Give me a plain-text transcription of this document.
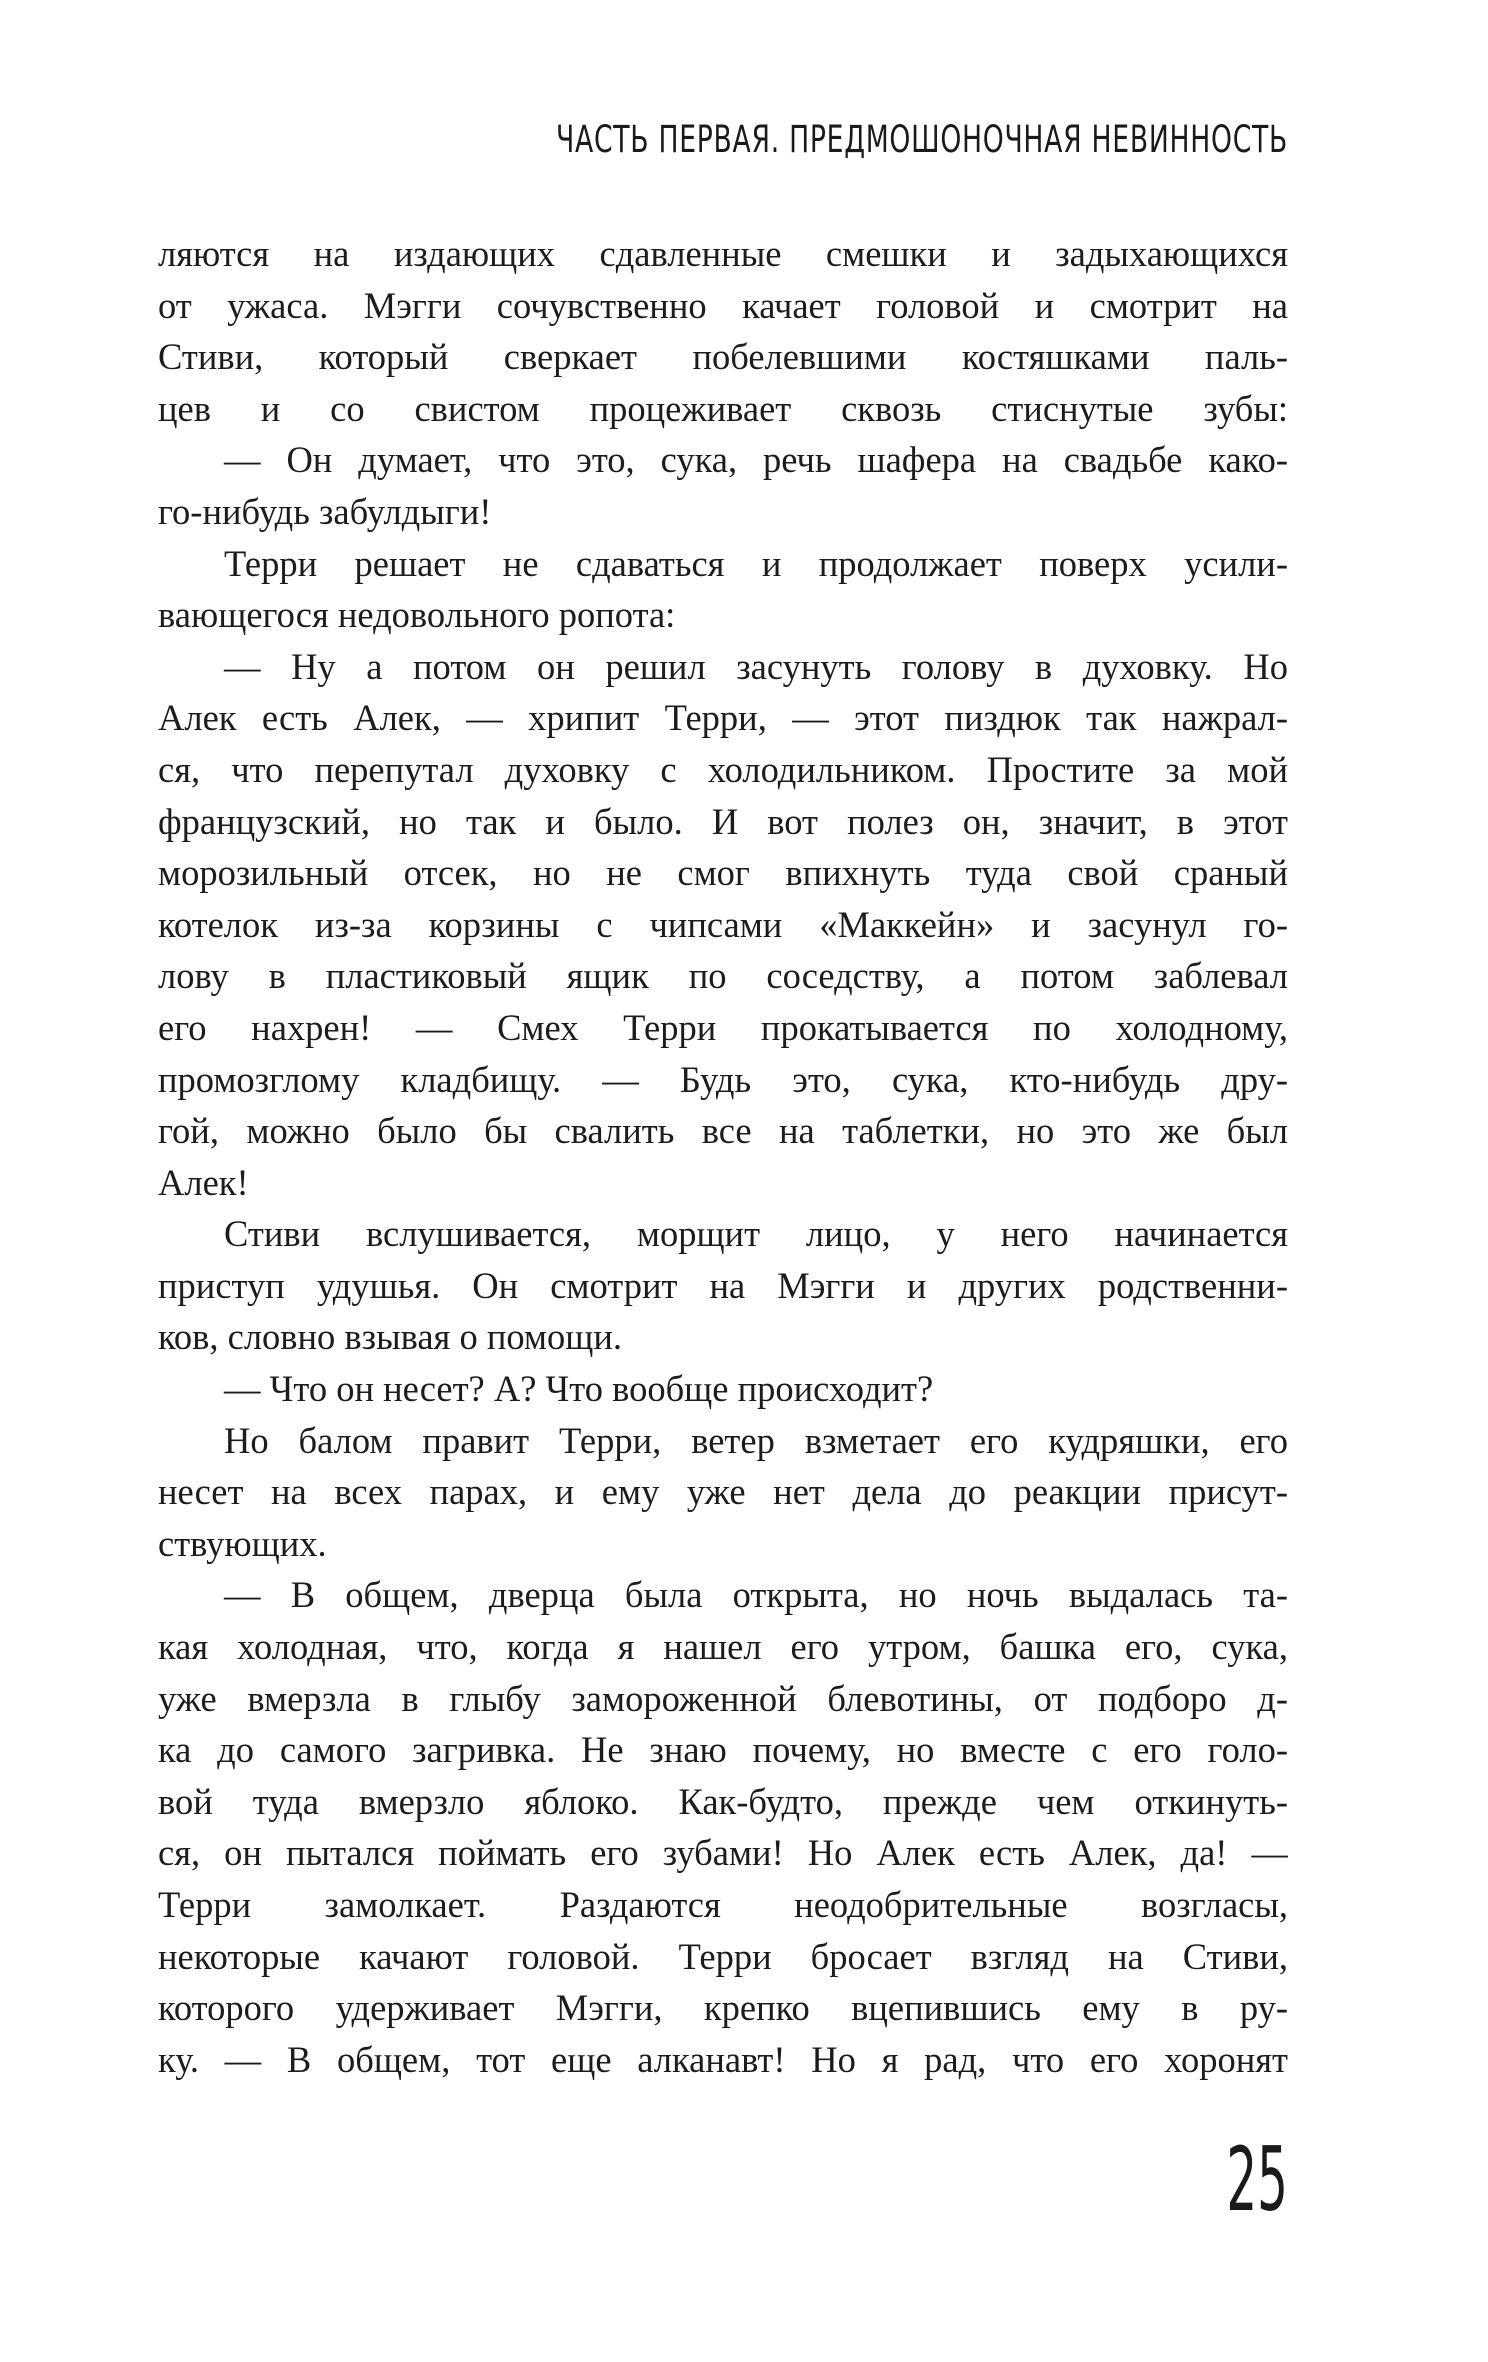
ЧАСТЬ ПЕРВАЯ. ПРЕДМОШОНОЧНАЯ НЕВИННОСТЬ
ляются на издающих сдавленные смешки и задыхающихся
от ужаса. Мэгги сочувственно качает головой и смотрит на
Стиви, который сверкает побелевшими костяшками паль-
цев и со свистом процеживает сквозь стиснутые зубы:
— Он думает, что это, сука, речь шафера на свадьбе како-
го-нибудь забулдыги!
Терри решает не сдаваться и продолжает поверх усили-
вающегося недовольного ропота:
— Ну а потом он решил засунуть голову в духовку. Но
Алек есть Алек, — хрипит Терри, — этот пиздюк так нажрал-
ся, что перепутал духовку с холодильником. Простите за мой
французский, но так и было. И вот полез он, значит, в этот
морозильный отсек, но не смог впихнуть туда свой сраный
котелок из-за корзины с чипсами «Маккейн» и засунул го-
лову в пластиковый ящик по соседству, а потом заблевал
его нахрен! — Смех Терри прокатывается по холодному,
промозглому кладбищу. — Будь это, сука, кто-нибудь дру-
гой, можно было бы свалить все на таблетки, но это же был
Алек!
Стиви вслушивается, морщит лицо, у него начинается
приступ удушья. Он смотрит на Мэгги и других родственни-
ков, словно взывая о помощи.
— Что он несет? А? Что вообще происходит?
Но балом правит Терри, ветер взметает его кудряшки, его
несет на всех парах, и ему уже нет дела до реакции присут-
ствующих.
— В общем, дверца была открыта, но ночь выдалась та-
кая холодная, что, когда я нашел его утром, башка его, сука,
уже вмерзла в глыбу замороженной блевотины, от подборо д-
ка до самого загривка. Не знаю почему, но вместе с его голо-
вой туда вмерзло яблоко. Как-будто, прежде чем откинуть-
ся, он пытался поймать его зубами! Но Алек есть Алек, да! —
Терри замолкает. Раздаются неодобрительные возгласы,
некоторые качают головой. Терри бросает взгляд на Стиви,
которого удерживает Мэгги, крепко вцепившись ему в ру-
ку. — В общем, тот еще алканавт! Но я рад, что его хоронят
25
